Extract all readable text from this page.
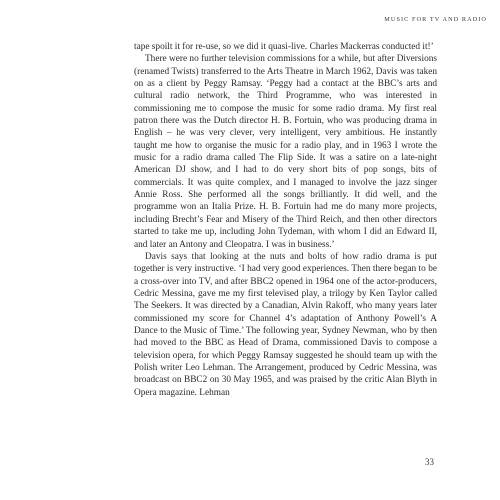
MUSIC FOR TV AND RADIO

tape spoilt it for re-use, so we did it quasi-live. Charles Mackerras conducted it!’

There were no further television commissions for a while, but after Diversions (renamed Twists) transferred to the Arts Theatre in March 1962, Davis was taken on as a client by Peggy Ramsay. ‘Peggy had a contact at the BBC’s arts and cultural radio network, the Third Programme, who was interested in commissioning me to compose the music for some radio drama. My first real patron there was the Dutch director H. B. Fortuin, who was producing drama in English – he was very clever, very intelligent, very ambitious. He instantly taught me how to organise the music for a radio play, and in 1963 I wrote the music for a radio drama called The Flip Side. It was a satire on a late-night American DJ show, and I had to do very short bits of pop songs, bits of commercials. It was quite complex, and I managed to involve the jazz singer Annie Ross. She performed all the songs brilliantly. It did well, and the programme won an Italia Prize. H. B. Fortuin had me do many more projects, including Brecht’s Fear and Misery of the Third Reich, and then other directors started to take me up, including John Tydeman, with whom I did an Edward II, and later an Antony and Cleopatra. I was in business.’

Davis says that looking at the nuts and bolts of how radio drama is put together is very instructive. ‘I had very good experiences. Then there began to be a cross-over into TV, and after BBC2 opened in 1964 one of the actor-producers, Cedric Messina, gave me my first televised play, a trilogy by Ken Taylor called The Seekers. It was directed by a Canadian, Alvin Rakoff, who many years later commissioned my score for Channel 4’s adaptation of Anthony Powell’s A Dance to the Music of Time.’ The following year, Sydney Newman, who by then had moved to the BBC as Head of Drama, commissioned Davis to compose a television opera, for which Peggy Ramsay suggested he should team up with the Polish writer Leo Lehman. The Arrangement, produced by Cedric Messina, was broadcast on BBC2 on 30 May 1965, and was praised by the critic Alan Blyth in Opera magazine. Lehman

33
